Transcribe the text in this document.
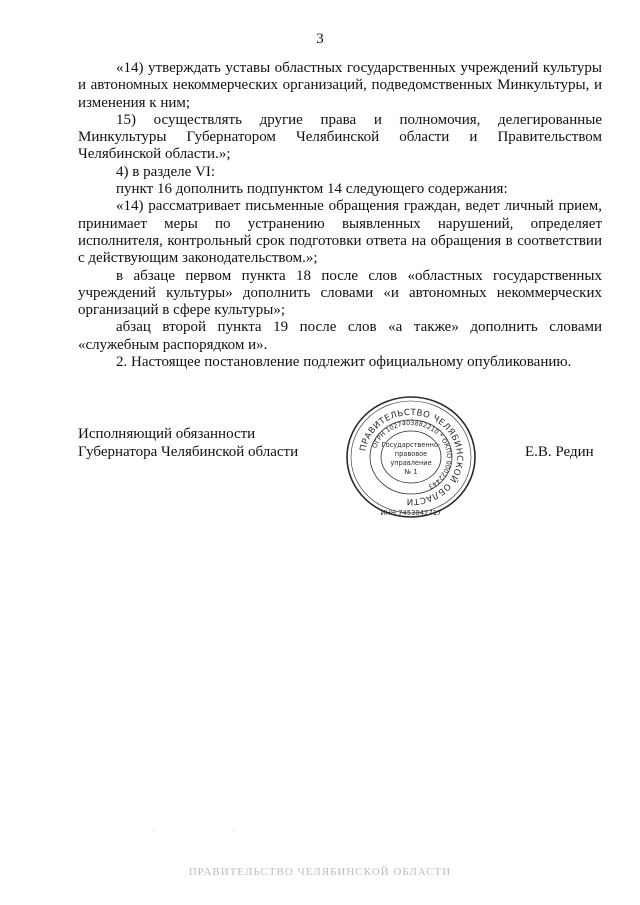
3

«14) утверждать уставы областных государственных учреждений культуры и автономных некоммерческих организаций, подведомственных Минкультуры, и изменения к ним;

15) осуществлять другие права и полномочия, делегированные Минкультуры Губернатором Челябинской области и Правительством Челябинской области.»;

4) в разделе VI:

пункт 16 дополнить подпунктом 14 следующего содержания:

«14) рассматривает письменные обращения граждан, ведет личный прием, принимает меры по устранению выявленных нарушений, определяет исполнителя, контрольный срок подготовки ответа на обращения в соответствии с действующим законодательством.»;

в абзаце первом пункта 18 после слов «областных государственных учреждений культуры» дополнить словами «и автономных некоммерческих организаций в сфере культуры»;

абзац второй пункта 19 после слов «а также» дополнить словами «служебным распорядком и».

2. Настоящее постановление подлежит официальному опубликованию.

Исполняющий обязанности
Губернатора Челябинской области	Е.В. Редин
ПРАВИТЕЛЬСТВО ЧЕЛЯБИНСКОЙ ОБЛАСТИ
ОГРН 1027403882210 * ОКПО 00022443
ИНН 7453042717
Государственно-
правовое
управление
№ 1
·	·
ПРАВИТЕЛЬСТВО ЧЕЛЯБИНСКОЙ ОБЛАСТИ
